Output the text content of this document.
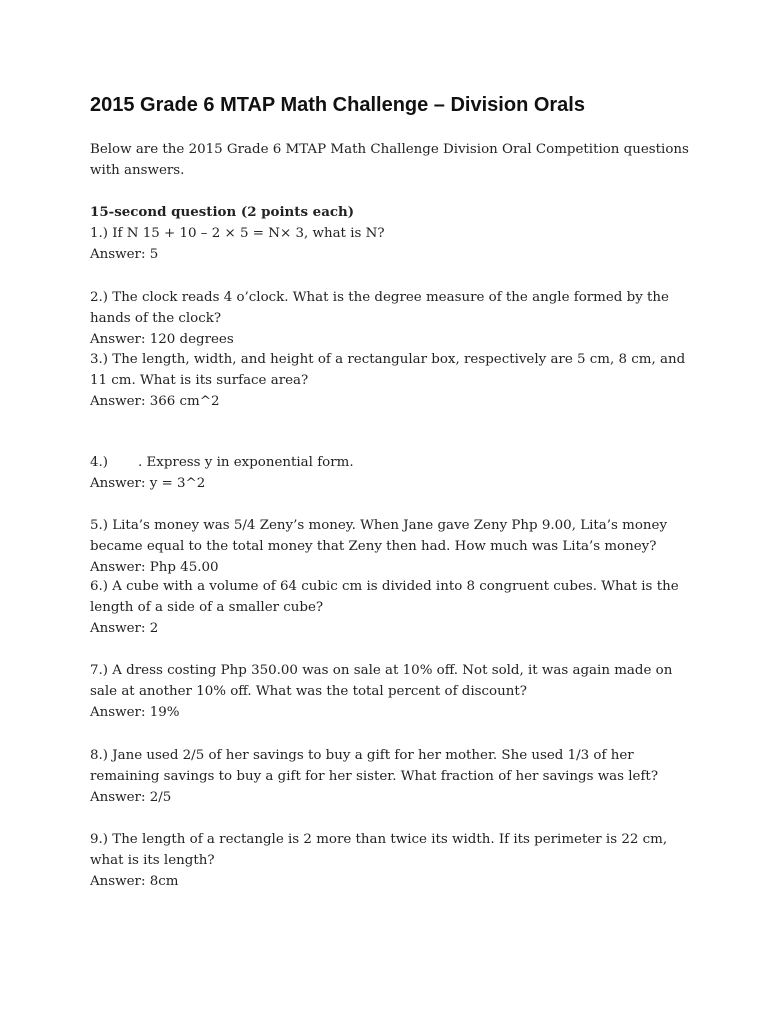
2015 Grade 6 MTAP Math Challenge – Division Orals

Below are the 2015 Grade 6 MTAP Math Challenge Division Oral Competition questions with answers.

15-second question (2 points each)
1.) If N 15 + 10 – 2 × 5 = N× 3, what is N?
Answer: 5
2.) The clock reads 4 o’clock. What is the degree measure of the angle formed by the hands of the clock?
Answer: 120 degrees
3.) The length, width, and height of a rectangular box, respectively are 5 cm, 8 cm, and 11 cm. What is its surface area?
Answer: 366 cm^2
4.) . Express y in exponential form.
Answer: y = 3^2
5.) Lita’s money was 5/4 Zeny’s money. When Jane gave Zeny Php 9.00, Lita’s money became equal to the total money that Zeny then had. How much was Lita’s money?
Answer: Php 45.00
6.) A cube with a volume of 64 cubic cm is divided into 8 congruent cubes. What is the length of a side of a smaller cube?
Answer: 2
7.) A dress costing Php 350.00 was on sale at 10% off. Not sold, it was again made on sale at another 10% off. What was the total percent of discount?
Answer: 19%
8.) Jane used 2/5 of her savings to buy a gift for her mother. She used 1/3 of her remaining savings to buy a gift for her sister. What fraction of her savings was left?
Answer: 2/5
9.) The length of a rectangle is 2 more than twice its width. If its perimeter is 22 cm, what is its length?
Answer: 8cm
